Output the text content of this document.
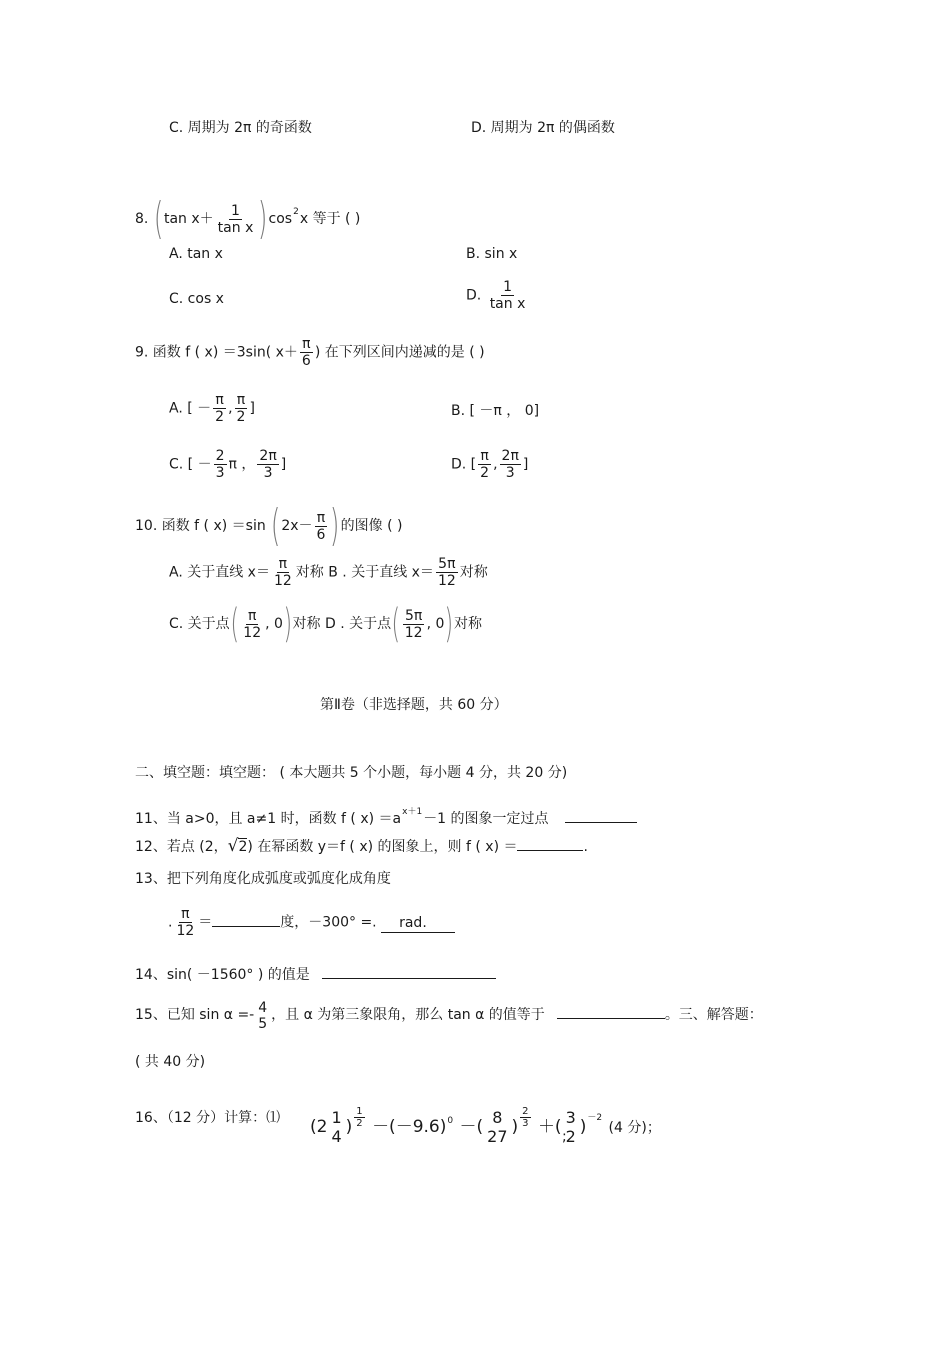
C. 周期为 2π 的奇函数	D. 周期为 2π 的偶函数
8. (tan $x+ \frac{1}{\text{tan x}} )\cos^2x$ 等于 ( )
A. tan x	B. sin x
C. cos x	D. $\frac{1}{\text{tan x}}$
9. 函数 f ( x) ＝3sin( $x+ \frac{\pi}{6}$ ) 在下列区间内递减的是 ( )
A. [ － $\frac{\pi}{2}$ , $\frac{\pi}{2}$ ]	B. [ －π ， 0]
C. [ － $\frac{2}{3}$ π ， $\frac{2\pi}{3}$ ]	D. [ $\frac{\pi}{2}$ , $\frac{2\pi}{3}$ ]
10. 函数 f ( x) ＝sin ($2x- \frac{\pi}{6}$ )的图像 ( )
A. 关于直线 $x= \frac{\pi}{12}$ 对称 B . 关于直线 $x= \frac{5\pi}{12}$ 对称
C. 关于点( $\frac{\pi}{12}$ , 0)对称 D . 关于点( $\frac{5\pi}{12}$ , 0)对称
第Ⅱ卷（非选择题，共 60 分）
二、填空题：填空题： ( 本大题共 5 个小题，每小题 4 分，共 20 分)
11、当 a>0，且 a≠1 时，函数 f ( $x) =a^{x+1}-1$ 的图象一定过点
12、若点 (2，√2) 在幂函数 y＝f ( x) 的图象上，则 f ( x) ＝	.
13、把下列角度化成弧度或弧度化成角度
. $\frac{\pi}{12}$ ＝	度，－300° =. rad.
14、sin( －1560° ) 的值是
15、已知 sin α =- 4
5
，且 α 为第三象限角，那么 tan α 的值等于	。三、解答题：
( 共 40 分)
16、（12 分）计算：⑴ (2 1
4 ) $\frac{1}{2} -(-9.6)^0$ －( 8
27 ) $\frac{2}{3}$ ＋( 3
2 )$^{-2}$ (4 分)；
;
